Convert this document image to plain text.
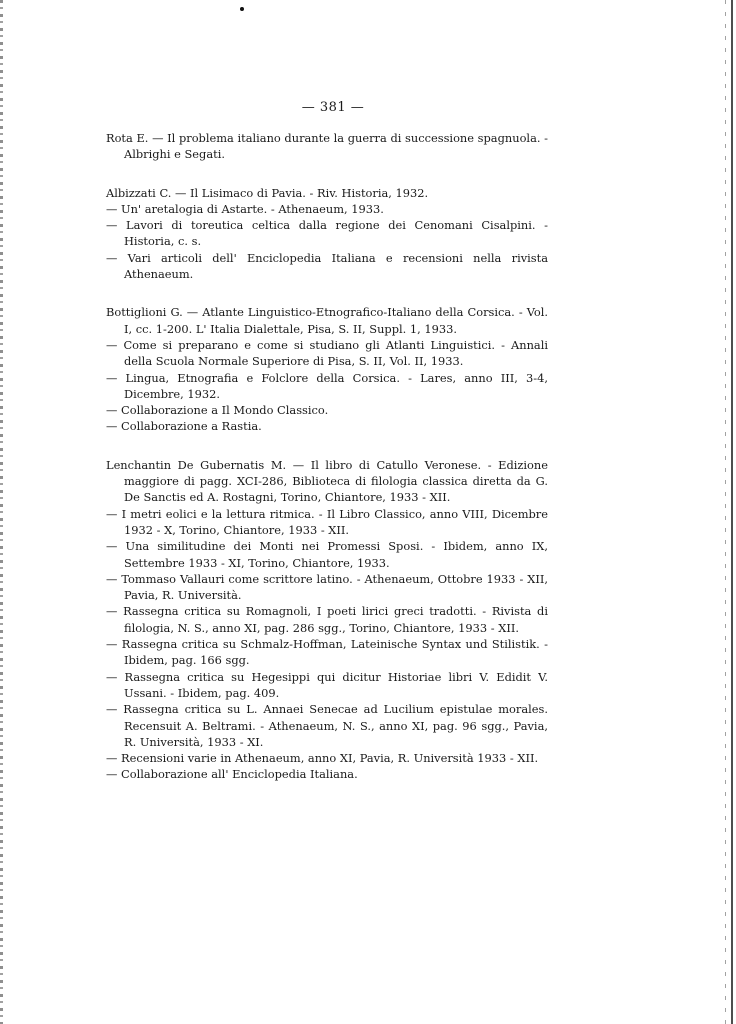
— 381 —

Rota E. — Il problema italiano durante la guerra di successione spagnuola. - Albrighi e Segati.

Albizzati C. — Il Lisimaco di Pavia. - Riv. Historia, 1932.

— Un' aretalogia di Astarte. - Athenaeum, 1933.

— Lavori di toreutica celtica dalla regione dei Cenomani Cisalpini. - Historia, c. s.

— Vari articoli dell' Enciclopedia Italiana e recensioni nella rivista Athenaeum.

Bottiglioni G. — Atlante Linguistico-Etnografico-Italiano della Corsica. - Vol. I, cc. 1-200. L' Italia Dialettale, Pisa, S. II, Suppl. 1, 1933.

— Come si preparano e come si studiano gli Atlanti Linguistici. - Annali della Scuola Normale Superiore di Pisa, S. II, Vol. II, 1933.

— Lingua, Etnografia e Folclore della Corsica. - Lares, anno III, 3-4, Dicembre, 1932.

— Collaborazione a Il Mondo Classico.

— Collaborazione a Rastia.

Lenchantin De Gubernatis M. — Il libro di Catullo Veronese. - Edizione maggiore di pagg. XCI-286, Biblioteca di filologia classica diretta da G. De Sanctis ed A. Rostagni, Torino, Chiantore, 1933 - XII.

— I metri eolici e la lettura ritmica. - Il Libro Classico, anno VIII, Dicembre 1932 - X, Torino, Chiantore, 1933 - XII.

— Una similitudine dei Monti nei Promessi Sposi. - Ibidem, anno IX, Settembre 1933 - XI, Torino, Chiantore, 1933.

— Tommaso Vallauri come scrittore latino. - Athenaeum, Ottobre 1933 - XII, Pavia, R. Università.

— Rassegna critica su Romagnoli, I poeti lirici greci tradotti. - Rivista di filologia, N. S., anno XI, pag. 286 sgg., Torino, Chiantore, 1933 - XII.

— Rassegna critica su Schmalz-Hoffman, Lateinische Syntax und Stilistik. - Ibidem, pag. 166 sgg.

— Rassegna critica su Hegesippi qui dicitur Historiae libri V. Edidit V. Ussani. - Ibidem, pag. 409.

— Rassegna critica su L. Annaei Senecae ad Lucilium epistulae morales. Recensuit A. Beltrami. - Athenaeum, N. S., anno XI, pag. 96 sgg., Pavia, R. Università, 1933 - XI.

— Recensioni varie in Athenaeum, anno XI, Pavia, R. Università 1933 - XII.

— Collaborazione all' Enciclopedia Italiana.
